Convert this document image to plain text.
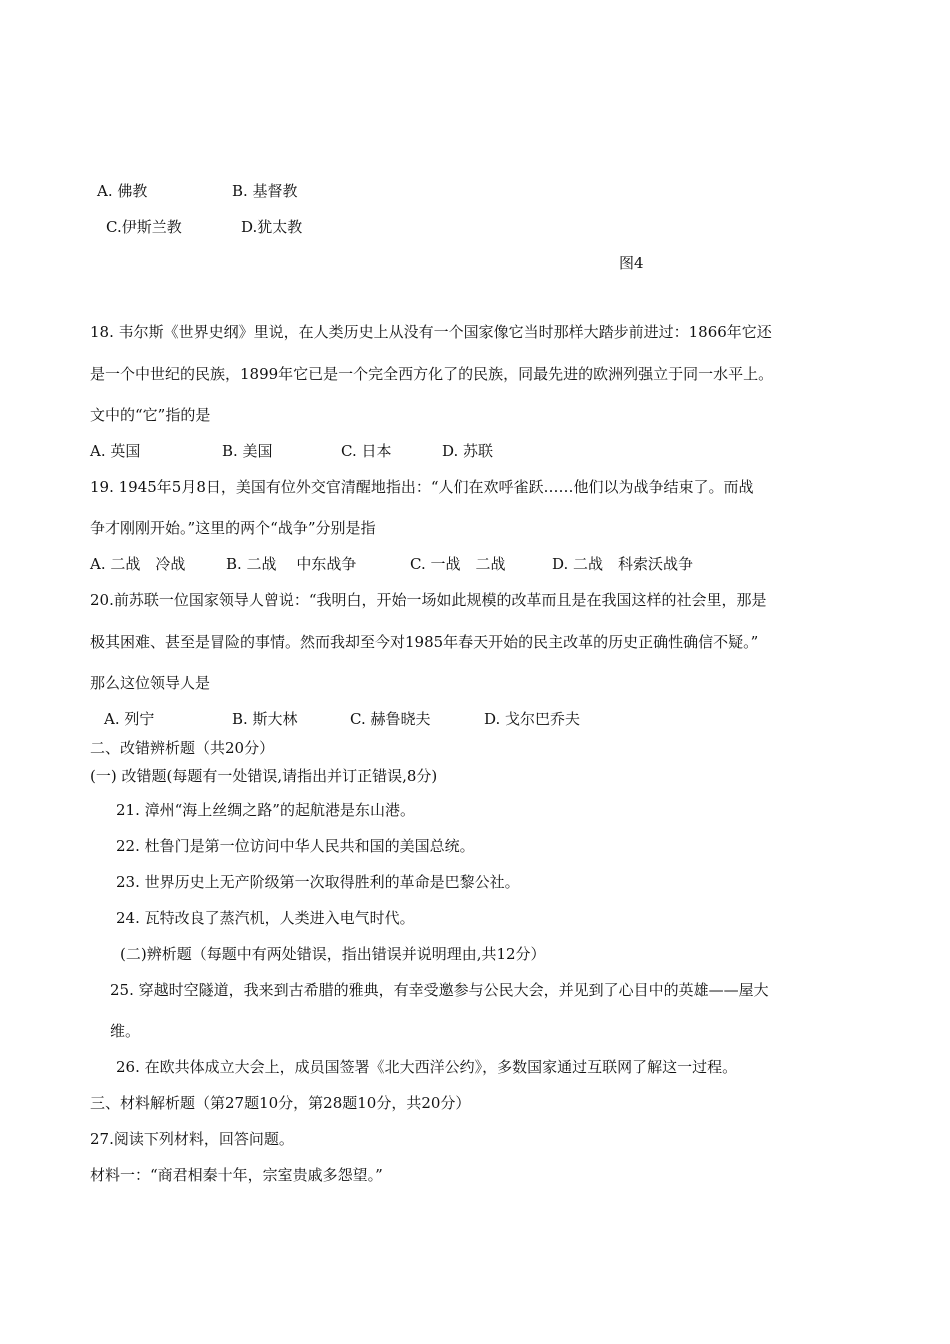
A. 佛教	B. 基督教
C.伊斯兰教	D.犹太教
图4
18. 韦尔斯《世界史纲》里说，在人类历史上从没有一个国家像它当时那样大踏步前进过：1866年它还
是一个中世纪的民族，1899年它已是一个完全西方化了的民族，同最先进的欧洲列强立于同一水平上。
文中的“它”指的是
A. 英国	B. 美国	C. 日本	D. 苏联
19. 1945年5月8日，美国有位外交官清醒地指出：“人们在欢呼雀跃……他们以为战争结束了。而战
争才刚刚开始。”这里的两个“战争”分别是指
A. 二战　冷战	B. 二战　 中东战争	C. 一战　二战	D. 二战　科索沃战争
20.前苏联一位国家领导人曾说：“我明白，开始一场如此规模的改革而且是在我国这样的社会里，那是
极其困难、甚至是冒险的事情。然而我却至今对1985年春天开始的民主改革的历史正确性确信不疑。”
那么这位领导人是
A. 列宁	B. 斯大林	C. 赫鲁晓夫	D. 戈尔巴乔夫
二、改错辨析题（共20分）
(一) 改错题(每题有一处错误,请指出并订正错误,8分)
21. 漳州“海上丝绸之路”的起航港是东山港。
22. 杜鲁门是第一位访问中华人民共和国的美国总统。
23. 世界历史上无产阶级第一次取得胜利的革命是巴黎公社。
24. 瓦特改良了蒸汽机，人类进入电气时代。
(二)辨析题（每题中有两处错误，指出错误并说明理由,共12分）
25. 穿越时空隧道，我来到古希腊的雅典，有幸受邀参与公民大会，并见到了心目中的英雄——屋大
维。
26. 在欧共体成立大会上，成员国签署《北大西洋公约》，多数国家通过互联网了解这一过程。
三、材料解析题（第27题10分，第28题10分，共20分）
27.阅读下列材料，回答问题。
材料一：“商君相秦十年，宗室贵戚多怨望。”
